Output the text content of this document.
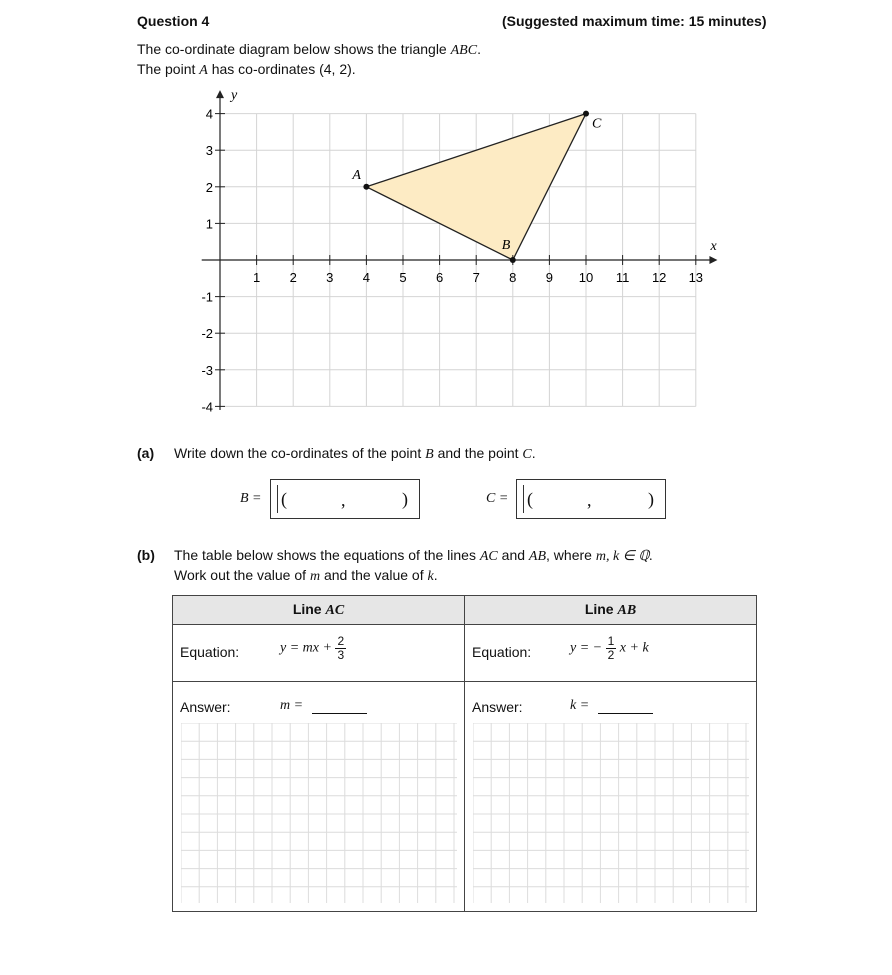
Question 4	(Suggested maximum time: 15 minutes)
The co-ordinate diagram below shows the triangle ABC.
The point A has co-ordinates (4, 2).
1 2 3 4 5 6 7 8 9 10 11 12 13
1
2
3
4
-1
-2
-3
-4
x
y
A
B
C
(a) Write down the co-ordinates of the point B and the point C.
B = (	,	)	C = (	,	)
(b) The table below shows the equations of the lines AC and AB, where m, k ∈ ℚ.
Work out the value of m and the value of k.
Line AC	Line AB

Equation: y = mx + $\frac{2}{3}$	Equation: y = − $\frac{1}{2}$ x + k

Answer: m =	Answer: k =
